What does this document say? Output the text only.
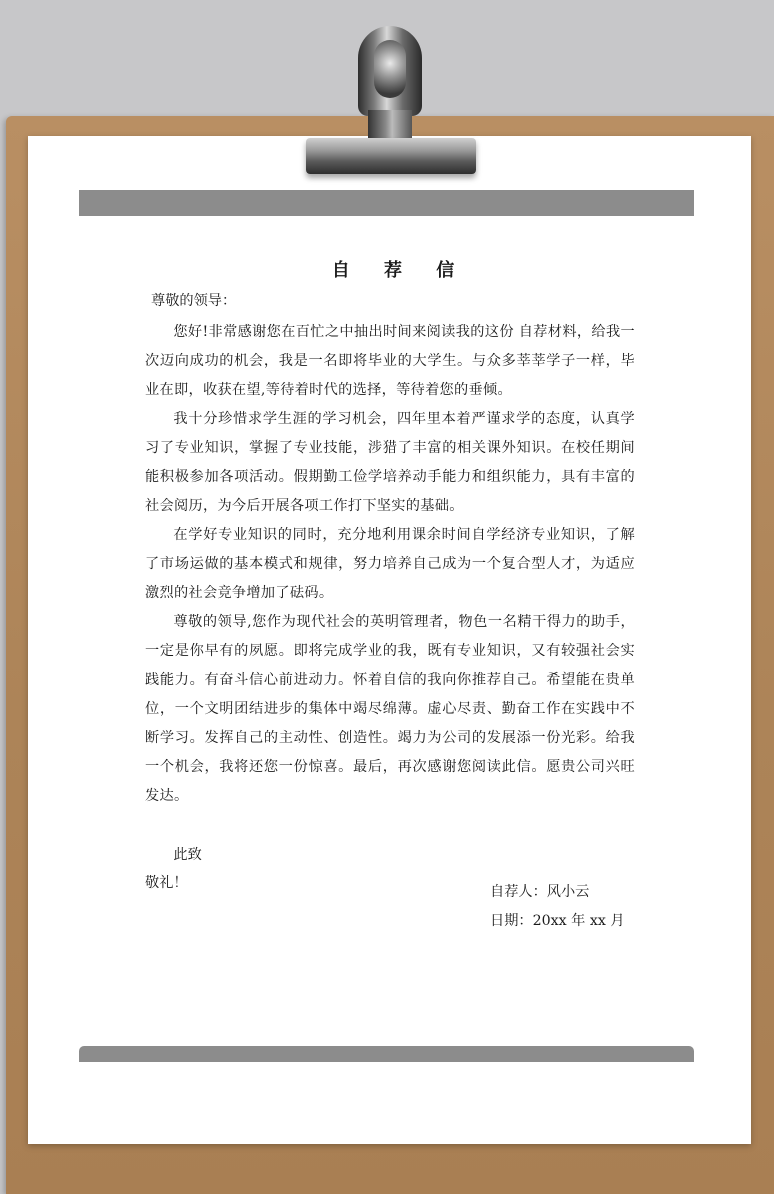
自 荐 信
尊敬的领导：

您好!非常感谢您在百忙之中抽出时间来阅读我的这份 自荐材料，给我一次迈向成功的机会，我是一名即将毕业的大学生。与众多莘莘学子一样，毕业在即，收获在望,等待着时代的选择，等待着您的垂倾。

我十分珍惜求学生涯的学习机会，四年里本着严谨求学的态度，认真学习了专业知识，掌握了专业技能，涉猎了丰富的相关课外知识。在校任期间能积极参加各项活动。假期勤工俭学培养动手能力和组织能力，具有丰富的社会阅历，为今后开展各项工作打下坚实的基础。

在学好专业知识的同时，充分地利用课余时间自学经济专业知识，了解了市场运做的基本模式和规律，努力培养自己成为一个复合型人才，为适应激烈的社会竞争增加了砝码。

尊敬的领导,您作为现代社会的英明管理者，物色一名精干得力的助手，一定是你早有的夙愿。即将完成学业的我，既有专业知识，又有较强社会实践能力。有奋斗信心前进动力。怀着自信的我向你推荐自己。希望能在贵单位，一个文明团结进步的集体中竭尽绵薄。虚心尽责、勤奋工作在实践中不断学习。发挥自己的主动性、创造性。竭力为公司的发展添一份光彩。给我一个机会，我将还您一份惊喜。最后，再次感谢您阅读此信。愿贵公司兴旺发达。

此致
敬礼！
自荐人：风小云
日期：20xx 年 xx 月
